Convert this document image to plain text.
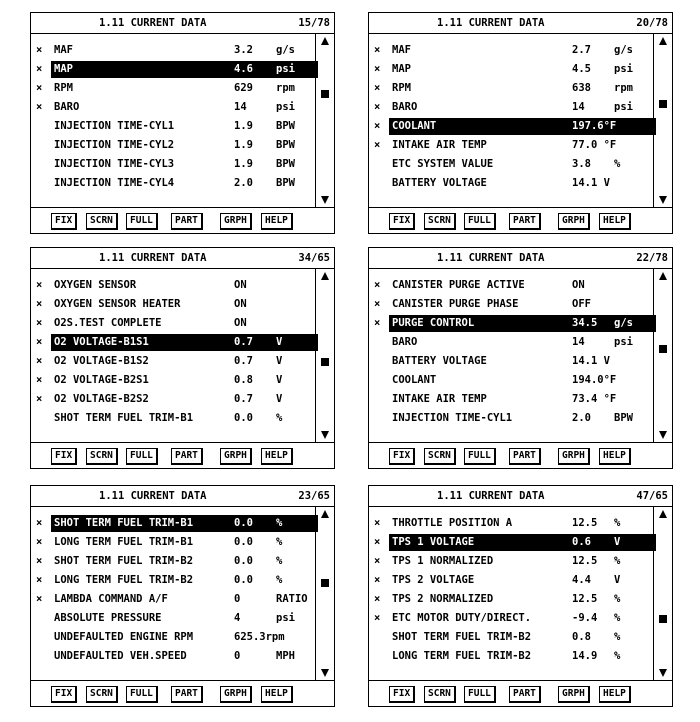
1.11 CURRENT DATA	15/78
×	MAF	3.2 g/s
×	MAP	4.6 psi
×	RPM	629 rpm
×	BARO	14	psi
INJECTION TIME-CYL1	1.9 BPW
INJECTION TIME-CYL2	1.9 BPW
INJECTION TIME-CYL3	1.9 BPW
INJECTION TIME-CYL4	2.0 BPW
FIX	SCRN	FULL	PART	GRPH	HELP
1.11 CURRENT DATA	20/78
×	MAF	2.7 g/s
×	MAP	4.5 psi
×	RPM	638 rpm
×	BARO	14	psi
×	COOLANT	197.6°F
×	INTAKE AIR TEMP	77.0 °F
ETC SYSTEM VALUE	3.8 %
BATTERY VOLTAGE	14.1 V
FIX	SCRN	FULL	PART	GRPH	HELP
1.11 CURRENT DATA	34/65
×	OXYGEN SENSOR	ON
×	OXYGEN SENSOR HEATER	ON
×	O2S.TEST COMPLETE	ON
×	O2 VOLTAGE-B1S1	0.7 V
×	O2 VOLTAGE-B1S2	0.7 V
×	O2 VOLTAGE-B2S1	0.8 V
×	O2 VOLTAGE-B2S2	0.7 V
SHOT TERM FUEL TRIM-B1	0.0 %
FIX	SCRN	FULL	PART	GRPH	HELP
1.11 CURRENT DATA	22/78
×	CANISTER PURGE ACTIVE	ON
×	CANISTER PURGE PHASE	OFF
×	PURGE CONTROL	34.5 g/s
BARO	14	psi
BATTERY VOLTAGE	14.1 V
COOLANT	194.0°F
INTAKE AIR TEMP	73.4 °F
INJECTION TIME-CYL1	2.0 BPW
FIX	SCRN	FULL	PART	GRPH	HELP
1.11 CURRENT DATA	23/65
×	SHOT TERM FUEL TRIM-B1	0.0 %
×	LONG TERM FUEL TRIM-B1	0.0 %
×	SHOT TERM FUEL TRIM-B2	0.0 %
×	LONG TERM FUEL TRIM-B2	0.0 %
×	LAMBDA COMMAND A/F	0	RATIO
ABSOLUTE PRESSURE	4	psi
UNDEFAULTED ENGINE RPM	625.3rpm
UNDEFAULTED VEH.SPEED	0	MPH
FIX	SCRN	FULL	PART	GRPH	HELP
1.11 CURRENT DATA	47/65
×	THROTTLE POSITION A	12.5 %
×	TPS 1 VOLTAGE	0.6 V
×	TPS 1 NORMALIZED	12.5 %
×	TPS 2 VOLTAGE	4.4 V
×	TPS 2 NORMALIZED	12.5 %
×	ETC MOTOR DUTY/DIRECT.	-9.4 %
SHOT TERM FUEL TRIM-B2	0.8 %
LONG TERM FUEL TRIM-B2	14.9 %
FIX	SCRN	FULL	PART	GRPH	HELP
